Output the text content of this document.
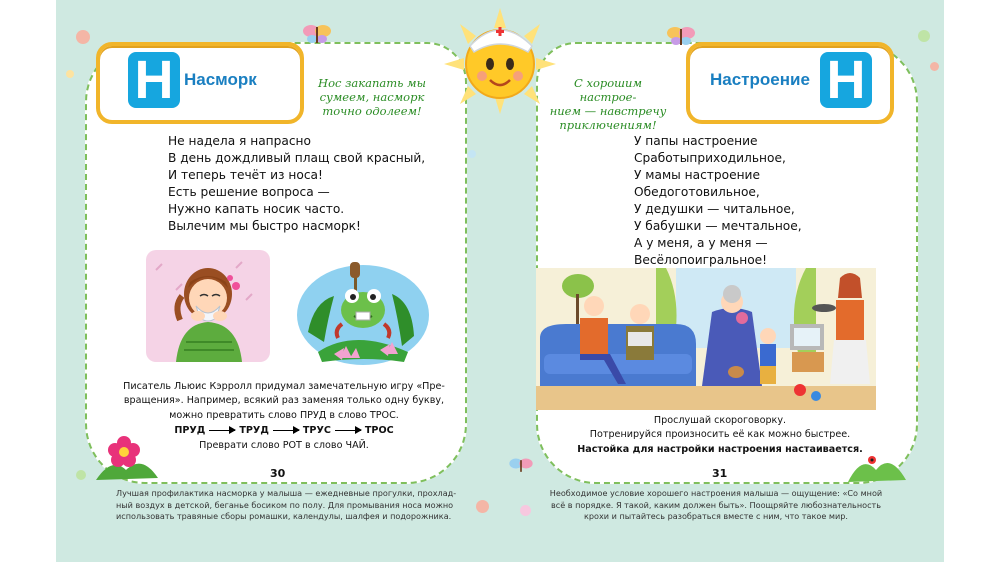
Н Насморк	Н
Настроение
Нос закапать мы
сумеем, насморк
точно одолеем!
С хорошим настрое-
нием — навстречу
приключениям!
Не надела я напрасно
В день дождливый плащ свой красный,
И теперь течёт из носа!
Есть решение вопроса —
Нужно капать носик часто.
Вылечим мы быстро насморк!
У папы настроение
Сработыприходильное,
У мамы настроение
Обедоготовильное,
У дедушки — читальное,
У бабушки — мечтальное,
А у меня, а у меня —
Весёлопоигральное!
Писатель Льюис Кэрролл придумал замечательную игру «Пре-
вращения». Например, всякий раз заменяя только одну букву,
можно превратить слово ПРУД в слово ТРОС.
ПРУД	ТРУД	ТРУС	ТРОС
Преврати слово РОТ в слово ЧАЙ.
Прослушай скороговорку.
Потренируйся произносить её как можно быстрее.
Настойка для настройки настроения настаивается.
30	31
Лучшая профилактика насморка у малыша — ежедневные прогулки, прохлад-
ный воздух в детской, беганье босиком по полу. Для промывания носа можно
использовать травяные сборы ромашки, календулы, шалфея и подорожника.
Необходимое условие хорошего настроения малыша — ощущение: «Со мной
всё в порядке. Я такой, каким должен быть». Поощряйте любознательность
крохи и пытайтесь разобраться вместе с ним, что такое мир.
